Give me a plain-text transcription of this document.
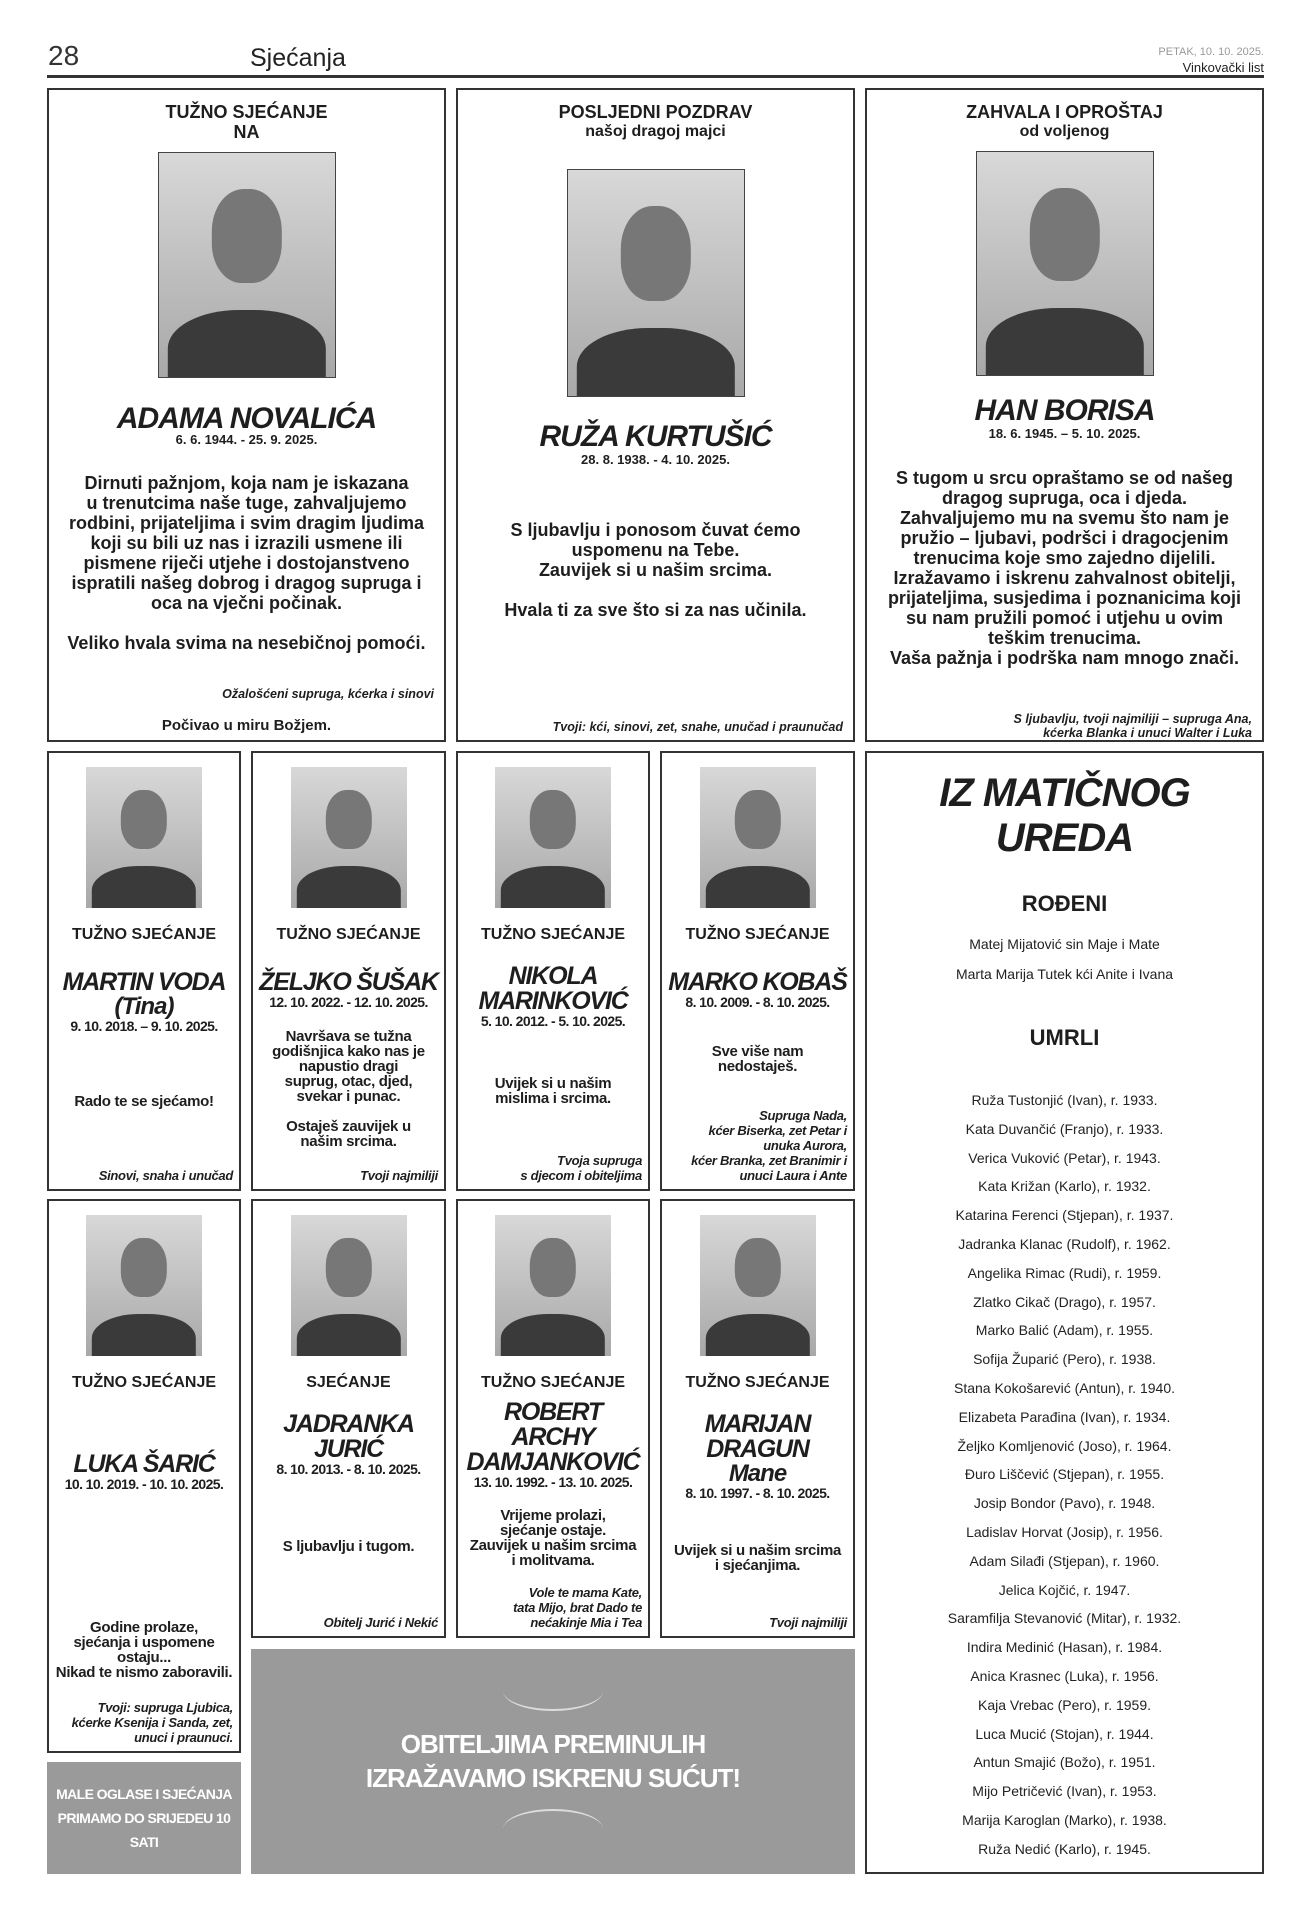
28	Sjećanja	PETAK, 10. 10. 2025.
Vinkovački list
TUŽNO SJEĆANJE
NA
ADAMA NOVALIĆA
6. 6. 1944. - 25. 9. 2025.
Dirnuti pažnjom, koja nam je iskazana
u trenutcima naše tuge, zahvaljujemo
rodbini, prijateljima i svim dragim ljudima
koji su bili uz nas i izrazili usmene ili
pismene riječi utjehe i dostojanstveno
ispratili našeg dobrog i dragog supruga i
oca na vječni počinak.

Veliko hvala svima na nesebičnoj pomoći.
Ožalošćeni supruga, kćerka i sinovi
Počivao u miru Božjem.
POSLJEDNI POZDRAV
našoj dragoj majci
RUŽA KURTUŠIĆ
28. 8. 1938. - 4. 10. 2025.
S ljubavlju i ponosom čuvat ćemo
uspomenu na Tebe.
Zauvijek si u našim srcima.

Hvala ti za sve što si za nas učinila.
Tvoji: kći, sinovi, zet, snahe, unučad i praunučad
ZAHVALA I OPROŠTAJ
od voljenog
HAN BORISA
18. 6. 1945. – 5. 10. 2025.
S tugom u srcu opraštamo se od našeg
dragog supruga, oca i djeda.
Zahvaljujemo mu na svemu što nam je
pružio – ljubavi, podršci i dragocjenim
trenucima koje smo zajedno dijelili.
Izražavamo i iskrenu zahvalnost obitelji,
prijateljima, susjedima i poznanicima koji
su nam pružili pomoć i utjehu u ovim
teškim trenucima.
Vaša pažnja i podrška nam mnogo znači.
S ljubavlju, tvoji najmiliji – supruga Ana,
kćerka Blanka i unuci Walter i Luka
TUŽNO SJEĆANJE
MARTIN VODA
(Tina)
9. 10. 2018. – 9. 10. 2025.
Rado te se sjećamo!
Sinovi, snaha i unučad
TUŽNO SJEĆANJE
ŽELJKO ŠUŠAK
12. 10. 2022. - 12. 10. 2025.
Navršava se tužna
godišnjica kako nas je
napustio dragi
suprug, otac, djed,
svekar i punac.

Ostaješ zauvijek u
našim srcima.
Tvoji najmiliji
TUŽNO SJEĆANJE
NIKOLA
MARINKOVIĆ
5. 10. 2012. - 5. 10. 2025.
Uvijek si u našim
mislima i srcima.
Tvoja supruga
s djecom i obiteljima
TUŽNO SJEĆANJE
MARKO KOBAŠ
8. 10. 2009. - 8. 10. 2025.
Sve više nam
nedostaješ.
Supruga Nada,
kćer Biserka, zet Petar i
unuka Aurora,
kćer Branka, zet Branimir i
unuci Laura i Ante
TUŽNO SJEĆANJE
LUKA ŠARIĆ
10. 10. 2019. - 10. 10. 2025.
Godine prolaze,
sjećanja i uspomene
ostaju...
Nikad te nismo zaboravili.
Tvoji: supruga Ljubica,
kćerke Ksenija i Sanda, zet,
unuci i praunuci.
SJEĆANJE
JADRANKA
JURIĆ
8. 10. 2013. - 8. 10. 2025.
S ljubavlju i tugom.
Obitelj Jurić i Nekić
TUŽNO SJEĆANJE
ROBERT ARCHY
DAMJANKOVIĆ
13. 10. 1992. - 13. 10. 2025.
Vrijeme prolazi,
sjećanje ostaje.
Zauvijek u našim srcima
i molitvama.
Vole te mama Kate,
tata Mijo, brat Dado te
nećakinje Mia i Tea
TUŽNO SJEĆANJE
MARIJAN
DRAGUN
Mane
8. 10. 1997. - 8. 10. 2025.
Uvijek si u našim srcima
i sjećanjima.
Tvoji najmiliji
IZ MATIČNOG
UREDA
ROĐENI
Matej Mijatović sin Maje i Mate
Marta Marija Tutek kći Anite i Ivana
UMRLI
Ruža Tustonjić (Ivan), r. 1933.
Kata Duvančić (Franjo), r. 1933.
Verica Vuković (Petar), r. 1943.
Kata Križan (Karlo), r. 1932.
Katarina Ferenci (Stjepan), r. 1937.
Jadranka Klanac (Rudolf), r. 1962.
Angelika Rimac (Rudi), r. 1959.
Zlatko Cikač (Drago), r. 1957.
Marko Balić (Adam), r. 1955.
Sofija Župarić (Pero), r. 1938.
Stana Kokošarević (Antun), r. 1940.
Elizabeta Parađina (Ivan), r. 1934.
Željko Komljenović (Joso), r. 1964.
Đuro Liščević (Stjepan), r. 1955.
Josip Bondor (Pavo), r. 1948.
Ladislav Horvat (Josip), r. 1956.
Adam Silađi (Stjepan), r. 1960.
Jelica Kojčić, r. 1947.
Saramfilja Stevanović (Mitar), r. 1932.
Indira Medinić (Hasan), r. 1984.
Anica Krasnec (Luka), r. 1956.
Kaja Vrebac (Pero), r. 1959.
Luca Mucić (Stojan), r. 1944.
Antun Smajić (Božo), r. 1951.
Mijo Petričević (Ivan), r. 1953.
Marija Karoglan (Marko), r. 1938.
Ruža Nedić (Karlo), r. 1945.
MALE OGLASE I SJEĆANJA
PRIMAMO DO SRIJEDEU 10 SATI
OBITELJIMA PREMINULIH
IZRAŽAVAMO ISKRENU SUĆUT!
